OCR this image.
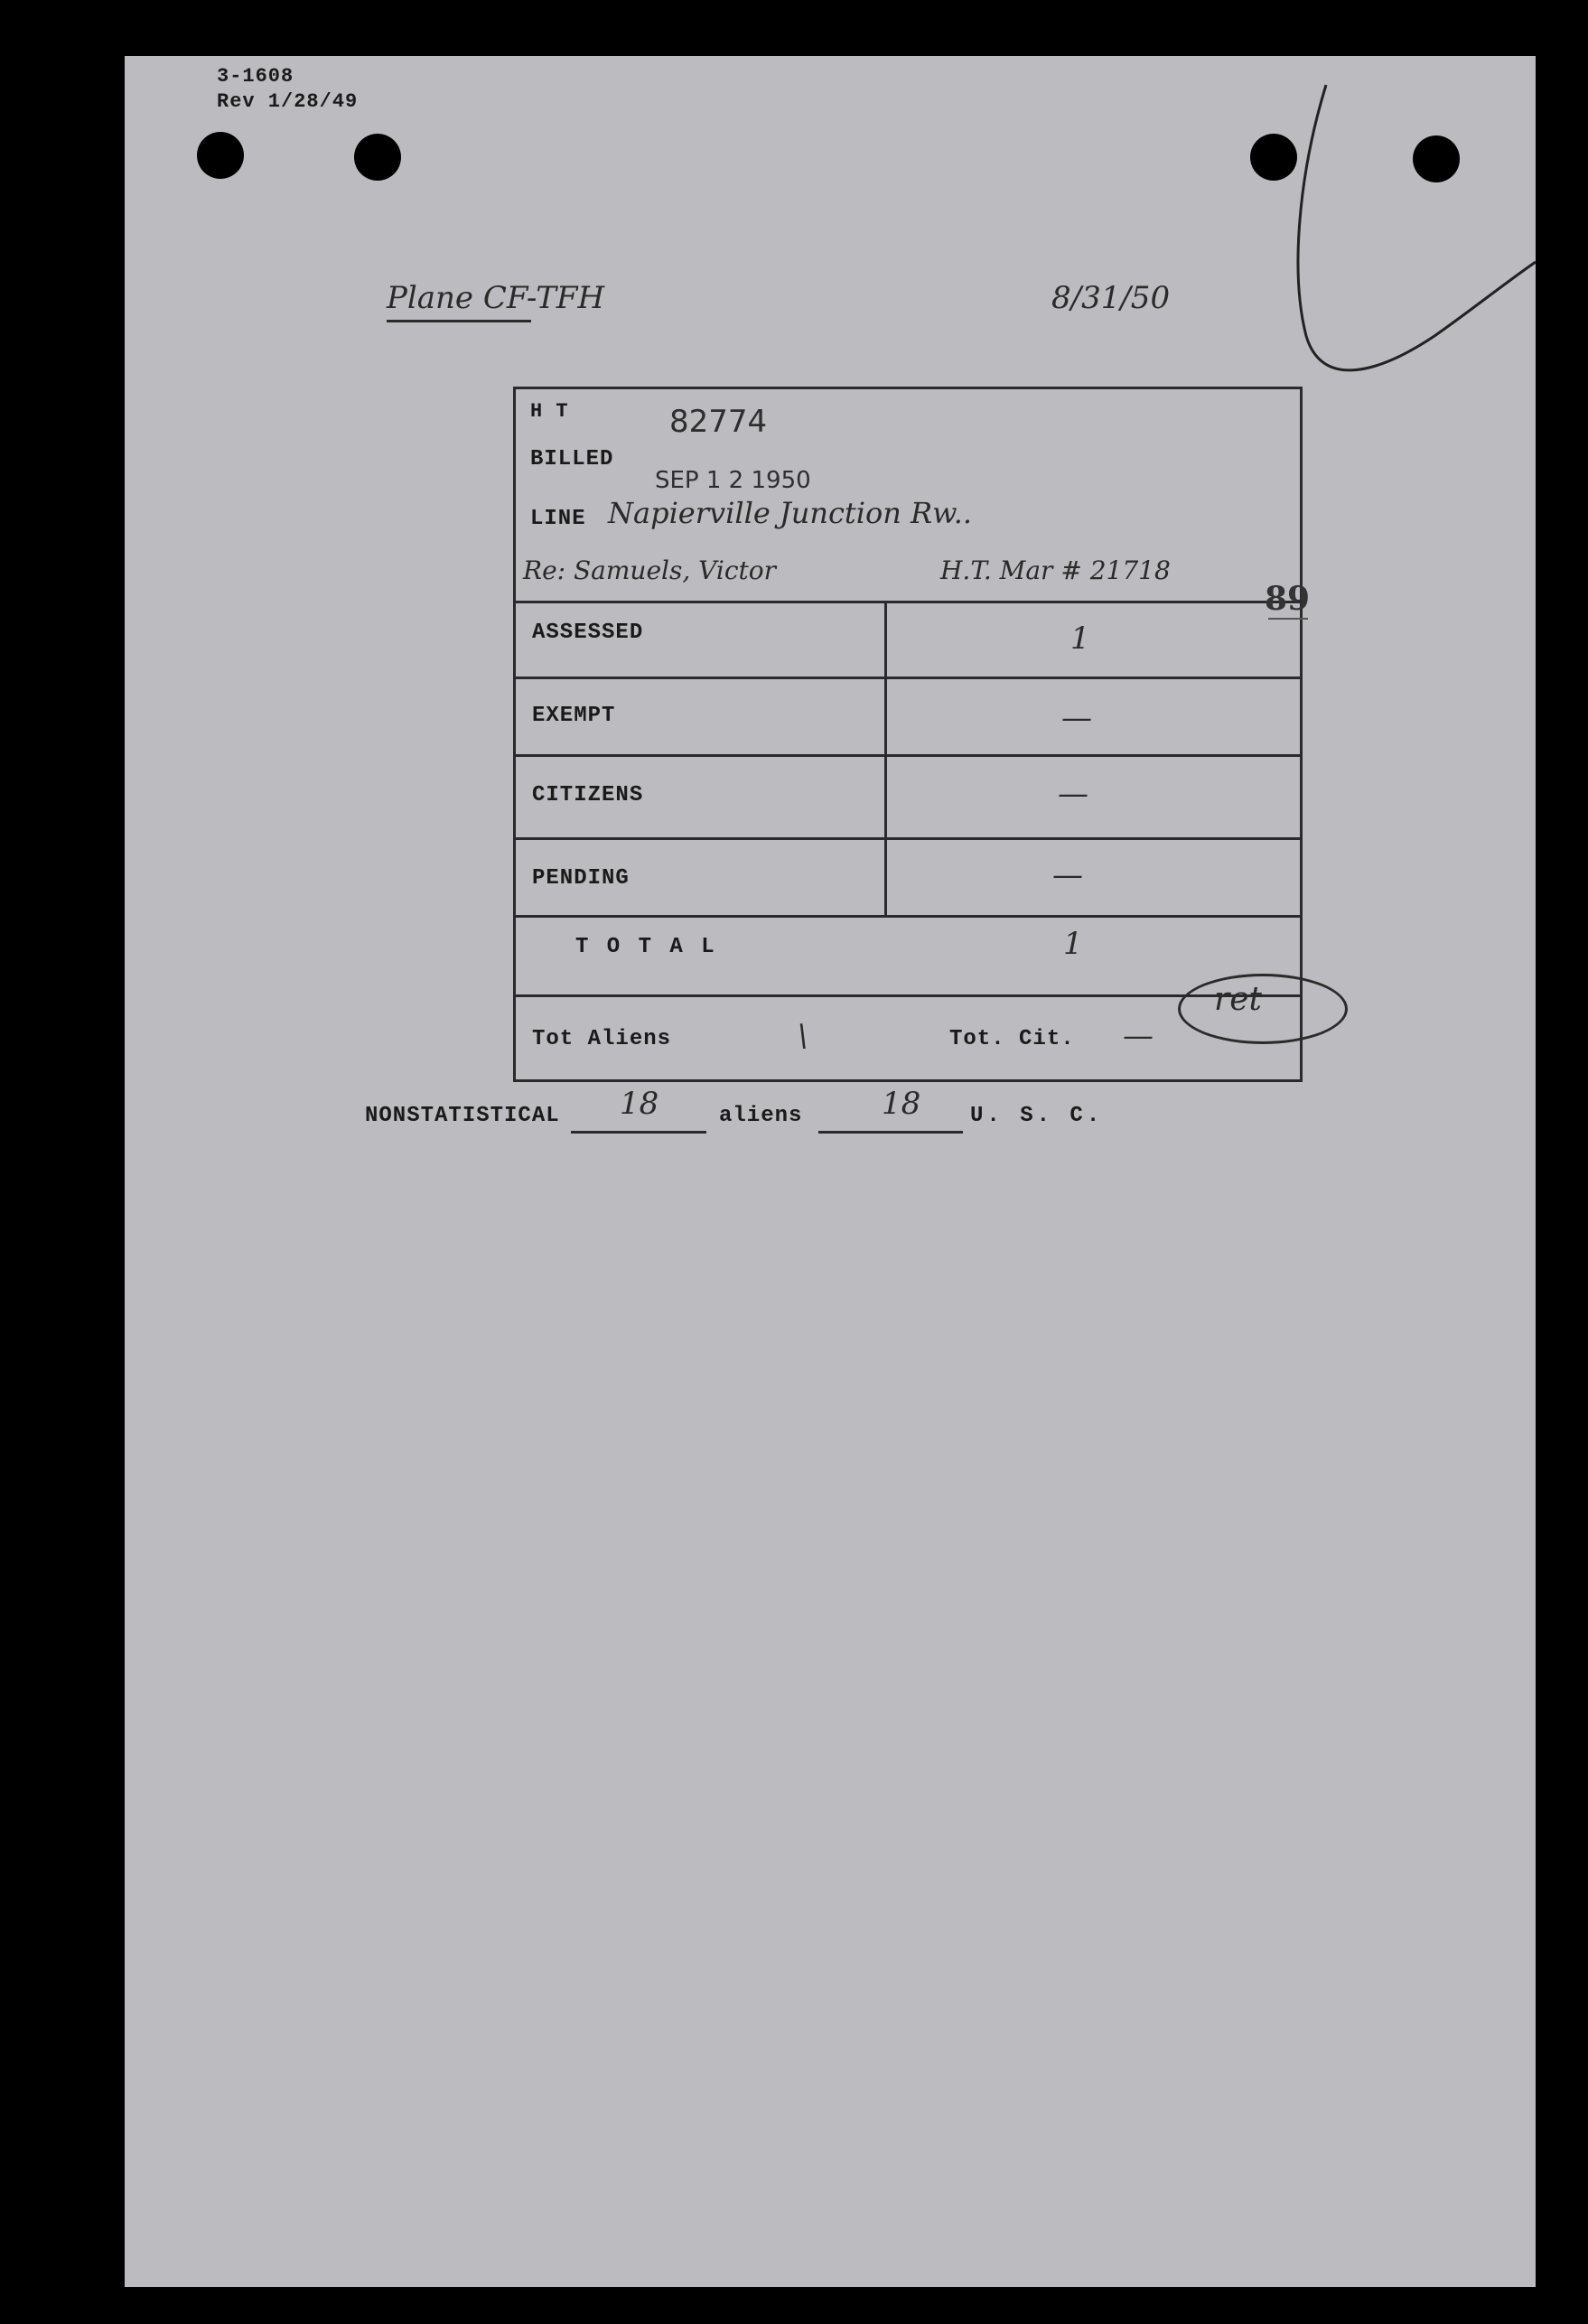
3-1608
Rev 1/28/49
Plane CF-TFH	8/31/50
H T	82774
BILLED
SEP 1 2 1950
LINE Napierville Junction Rw..
Re: Samuels, Victor	H.T. Mar # 21718
ASSESSED	1
EXEMPT	—
CITIZENS	—
PENDING	—
T O T A L	1
Tot Aliens	\	Tot. Cit. —
89
ret
NONSTATISTICAL 18	aliens	18 U. S. C.
